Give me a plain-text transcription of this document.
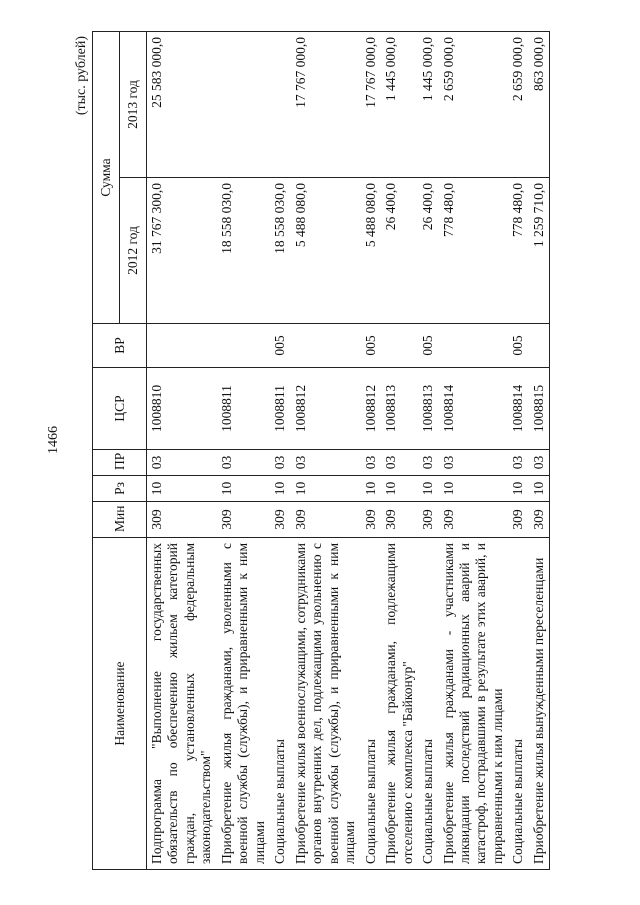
1466
(тыс. рублей)
Наименование	Мин	Рз	ПР	ЦСР	ВР	Сумма	
						2012 год	2013 год
Подпрограмма "Выполнение государственных обязательств по обеспечению жильем категорий граждан, установленных федеральным законодательством"	309	10	03	1008810		31 767 300,0	25 583 000,0
Приобретение жилья гражданами, уволенными с военной службы (службы), и приравненными к ним лицами	309	10	03	1008811		18 558 030,0	
Социальные выплаты	309	10	03	1008811	005	18 558 030,0	
Приобретение жилья военнослужащими, сотрудниками органов внутренних дел, подлежащими увольнению с военной службы (службы), и приравненными к ним лицами	309	10	03	1008812		5 488 080,0	17 767 000,0
Социальные выплаты	309	10	03	1008812	005	5 488 080,0	17 767 000,0
Приобретение жилья гражданами, подлежащими отселению с комплекса "Байконур"	309	10	03	1008813		26 400,0	1 445 000,0
Социальные выплаты	309	10	03	1008813	005	26 400,0	1 445 000,0
Приобретение жилья гражданами - участниками ликвидации последствий радиационных аварий и катастроф, пострадавшими в результате этих аварий, и приравненными к ним лицами	309	10	03	1008814		778 480,0	2 659 000,0
Социальные выплаты	309	10	03	1008814	005	778 480,0	2 659 000,0
Приобретение жилья вынужденными переселенцами	309	10	03	1008815		1 259 710,0	863 000,0
